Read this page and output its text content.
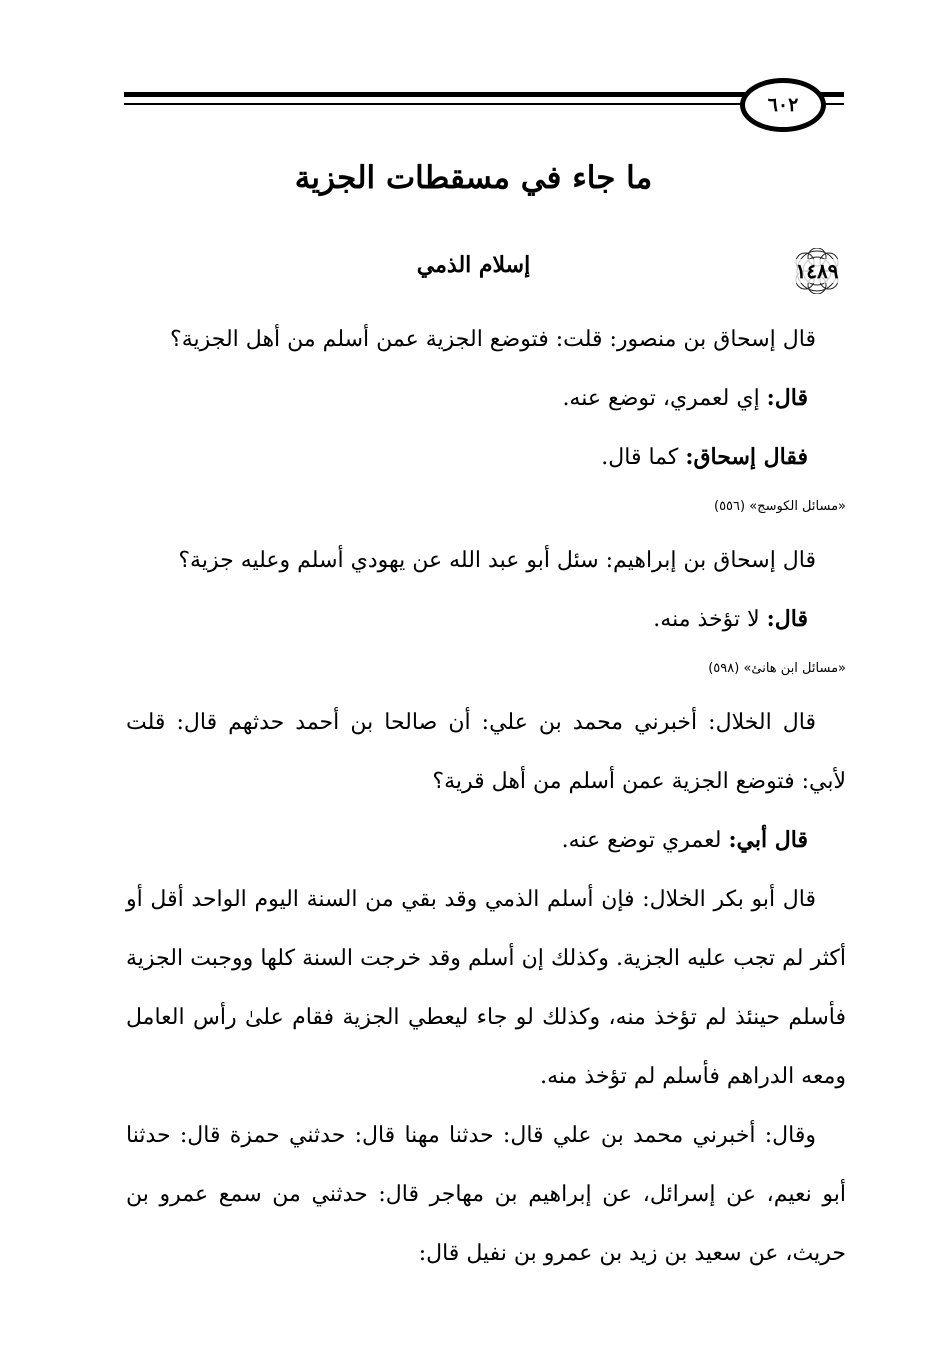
٦٠٢
ما جاء في مسقطات الجزية
١٤٨٩
إسلام الذمي

قال إسحاق بن منصور: قلت: فتوضع الجزية عمن أسلم من أهل الجزية؟

قال: إي لعمري، توضع عنه.

فقال إسحاق: كما قال.

«مسائل الكوسج» (٥٥٦)

قال إسحاق بن إبراهيم: سئل أبو عبد الله عن يهودي أسلم وعليه جزية؟

قال: لا تؤخذ منه.

«مسائل ابن هانئ» (٥٩٨)

قال الخلال: أخبرني محمد بن علي: أن صالحا بن أحمد حدثهم قال: قلت لأبي: فتوضع الجزية عمن أسلم من أهل قرية؟

قال أبي: لعمري توضع عنه.

قال أبو بكر الخلال: فإن أسلم الذمي وقد بقي من السنة اليوم الواحد أقل أو أكثر لم تجب عليه الجزية. وكذلك إن أسلم وقد خرجت السنة كلها ووجبت الجزية فأسلم حينئذ لم تؤخذ منه، وكذلك لو جاء ليعطي الجزية فقام علىٰ رأس العامل ومعه الدراهم فأسلم لم تؤخذ منه.

وقال: أخبرني محمد بن علي قال: حدثنا مهنا قال: حدثني حمزة قال: حدثنا أبو نعيم، عن إسرائل، عن إبراهيم بن مهاجر قال: حدثني من سمع عمرو بن حريث، عن سعيد بن زيد بن عمرو بن نفيل قال:
